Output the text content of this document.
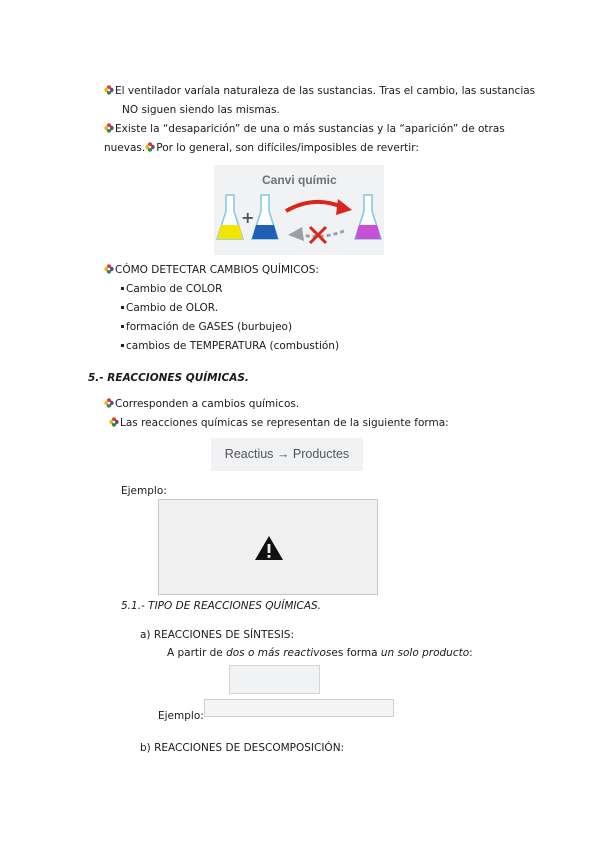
El ventilador varíala naturaleza de las sustancias. Tras el cambio, las sustancias
NO siguen siendo las mismas.
Existe la “desaparición” de una o más sustancias y la “aparición” de otras
nuevas. Por lo general, son difíciles/imposibles de revertir:
Canvi químic
+
CÓMO DETECTAR CAMBIOS QUÍMICOS:
Cambio de COLOR
Cambio de OLOR.
formación de GASES (burbujeo)
cambios de TEMPERATURA (combustión)
5.- REACCIONES QUÍMICAS.
Corresponden a cambios químicos.
Las reacciones químicas se representan de la siguiente forma:
Reactius → Productes
Ejemplo:
5.1.- TIPO DE REACCIONES QUÍMICAS.
a) REACCIONES DE SÍNTESIS:
A partir de dos o más reactivoses forma un solo producto:
Ejemplo:
b) REACCIONES DE DESCOMPOSICIÓN:
